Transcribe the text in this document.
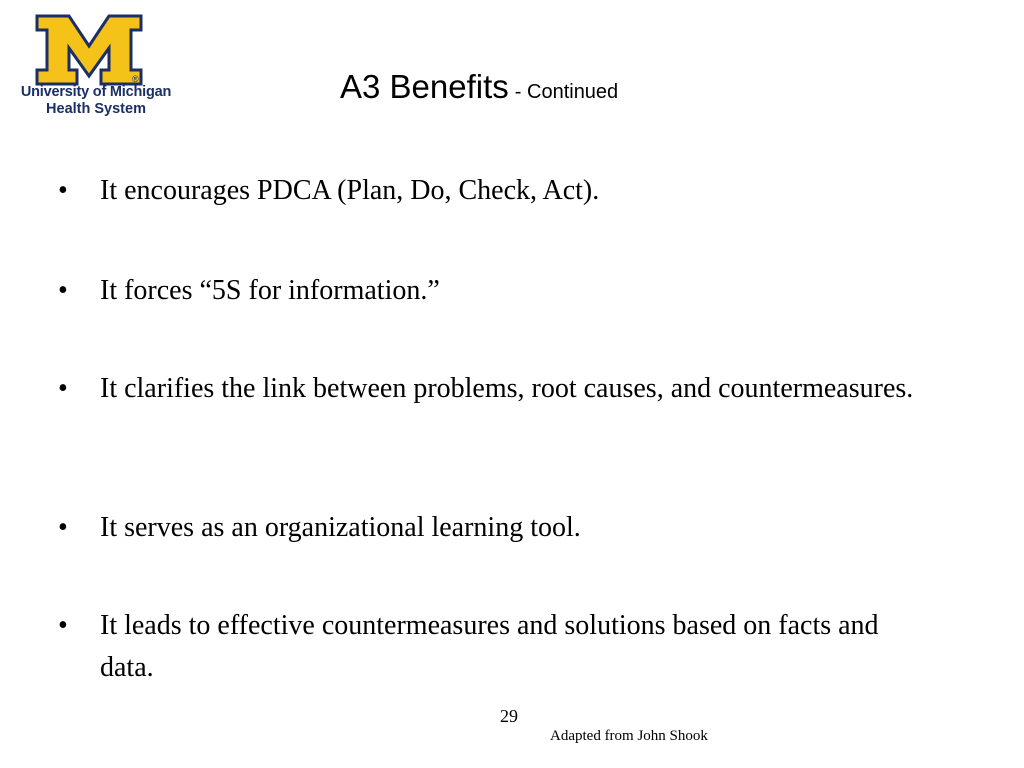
®
University of Michigan
Health System
A3 Benefits - Continued
• It encourages PDCA (Plan, Do, Check, Act).
• It forces “5S for information.”
• It clarifies the link between problems, root causes, and countermeasures.
• It serves as an organizational learning tool.
• It leads to effective countermeasures and solutions based on facts and data.
29
Adapted from John Shook
